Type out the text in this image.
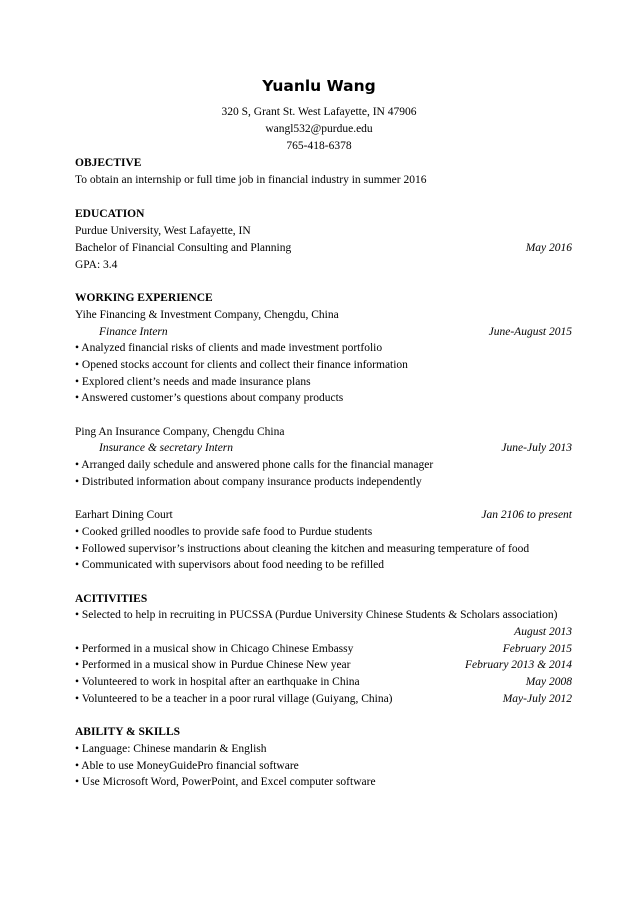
Yuanlu Wang
320 S, Grant St. West Lafayette, IN 47906
wangl532@purdue.edu
765-418-6378
OBJECTIVE
To obtain an internship or full time job in financial industry in summer 2016
EDUCATION
Purdue University, West Lafayette, IN
Bachelor of Financial Consulting and Planning	May 2016
GPA: 3.4
WORKING EXPERIENCE
Yihe Financing & Investment Company, Chengdu, China
Finance Intern	June-August 2015
• Analyzed financial risks of clients and made investment portfolio
• Opened stocks account for clients and collect their finance information
• Explored client’s needs and made insurance plans
• Answered customer’s questions about company products
Ping An Insurance Company, Chengdu China
Insurance & secretary Intern	June-July 2013
• Arranged daily schedule and answered phone calls for the financial manager
• Distributed information about company insurance products independently
Earhart Dining Court	Jan 2106 to present
• Cooked grilled noodles to provide safe food to Purdue students
• Followed supervisor’s instructions about cleaning the kitchen and measuring temperature of food
• Communicated with supervisors about food needing to be refilled
ACITIVITIES
• Selected to help in recruiting in PUCSSA (Purdue University Chinese Students & Scholars association)
August 2013
• Performed in a musical show in Chicago Chinese Embassy	February 2015
• Performed in a musical show in Purdue Chinese New year	February 2013 & 2014
• Volunteered to work in hospital after an earthquake in China	May 2008
• Volunteered to be a teacher in a poor rural village (Guiyang, China)	May-July 2012
ABILITY & SKILLS
• Language: Chinese mandarin & English
• Able to use MoneyGuidePro financial software
• Use Microsoft Word, PowerPoint, and Excel computer software
